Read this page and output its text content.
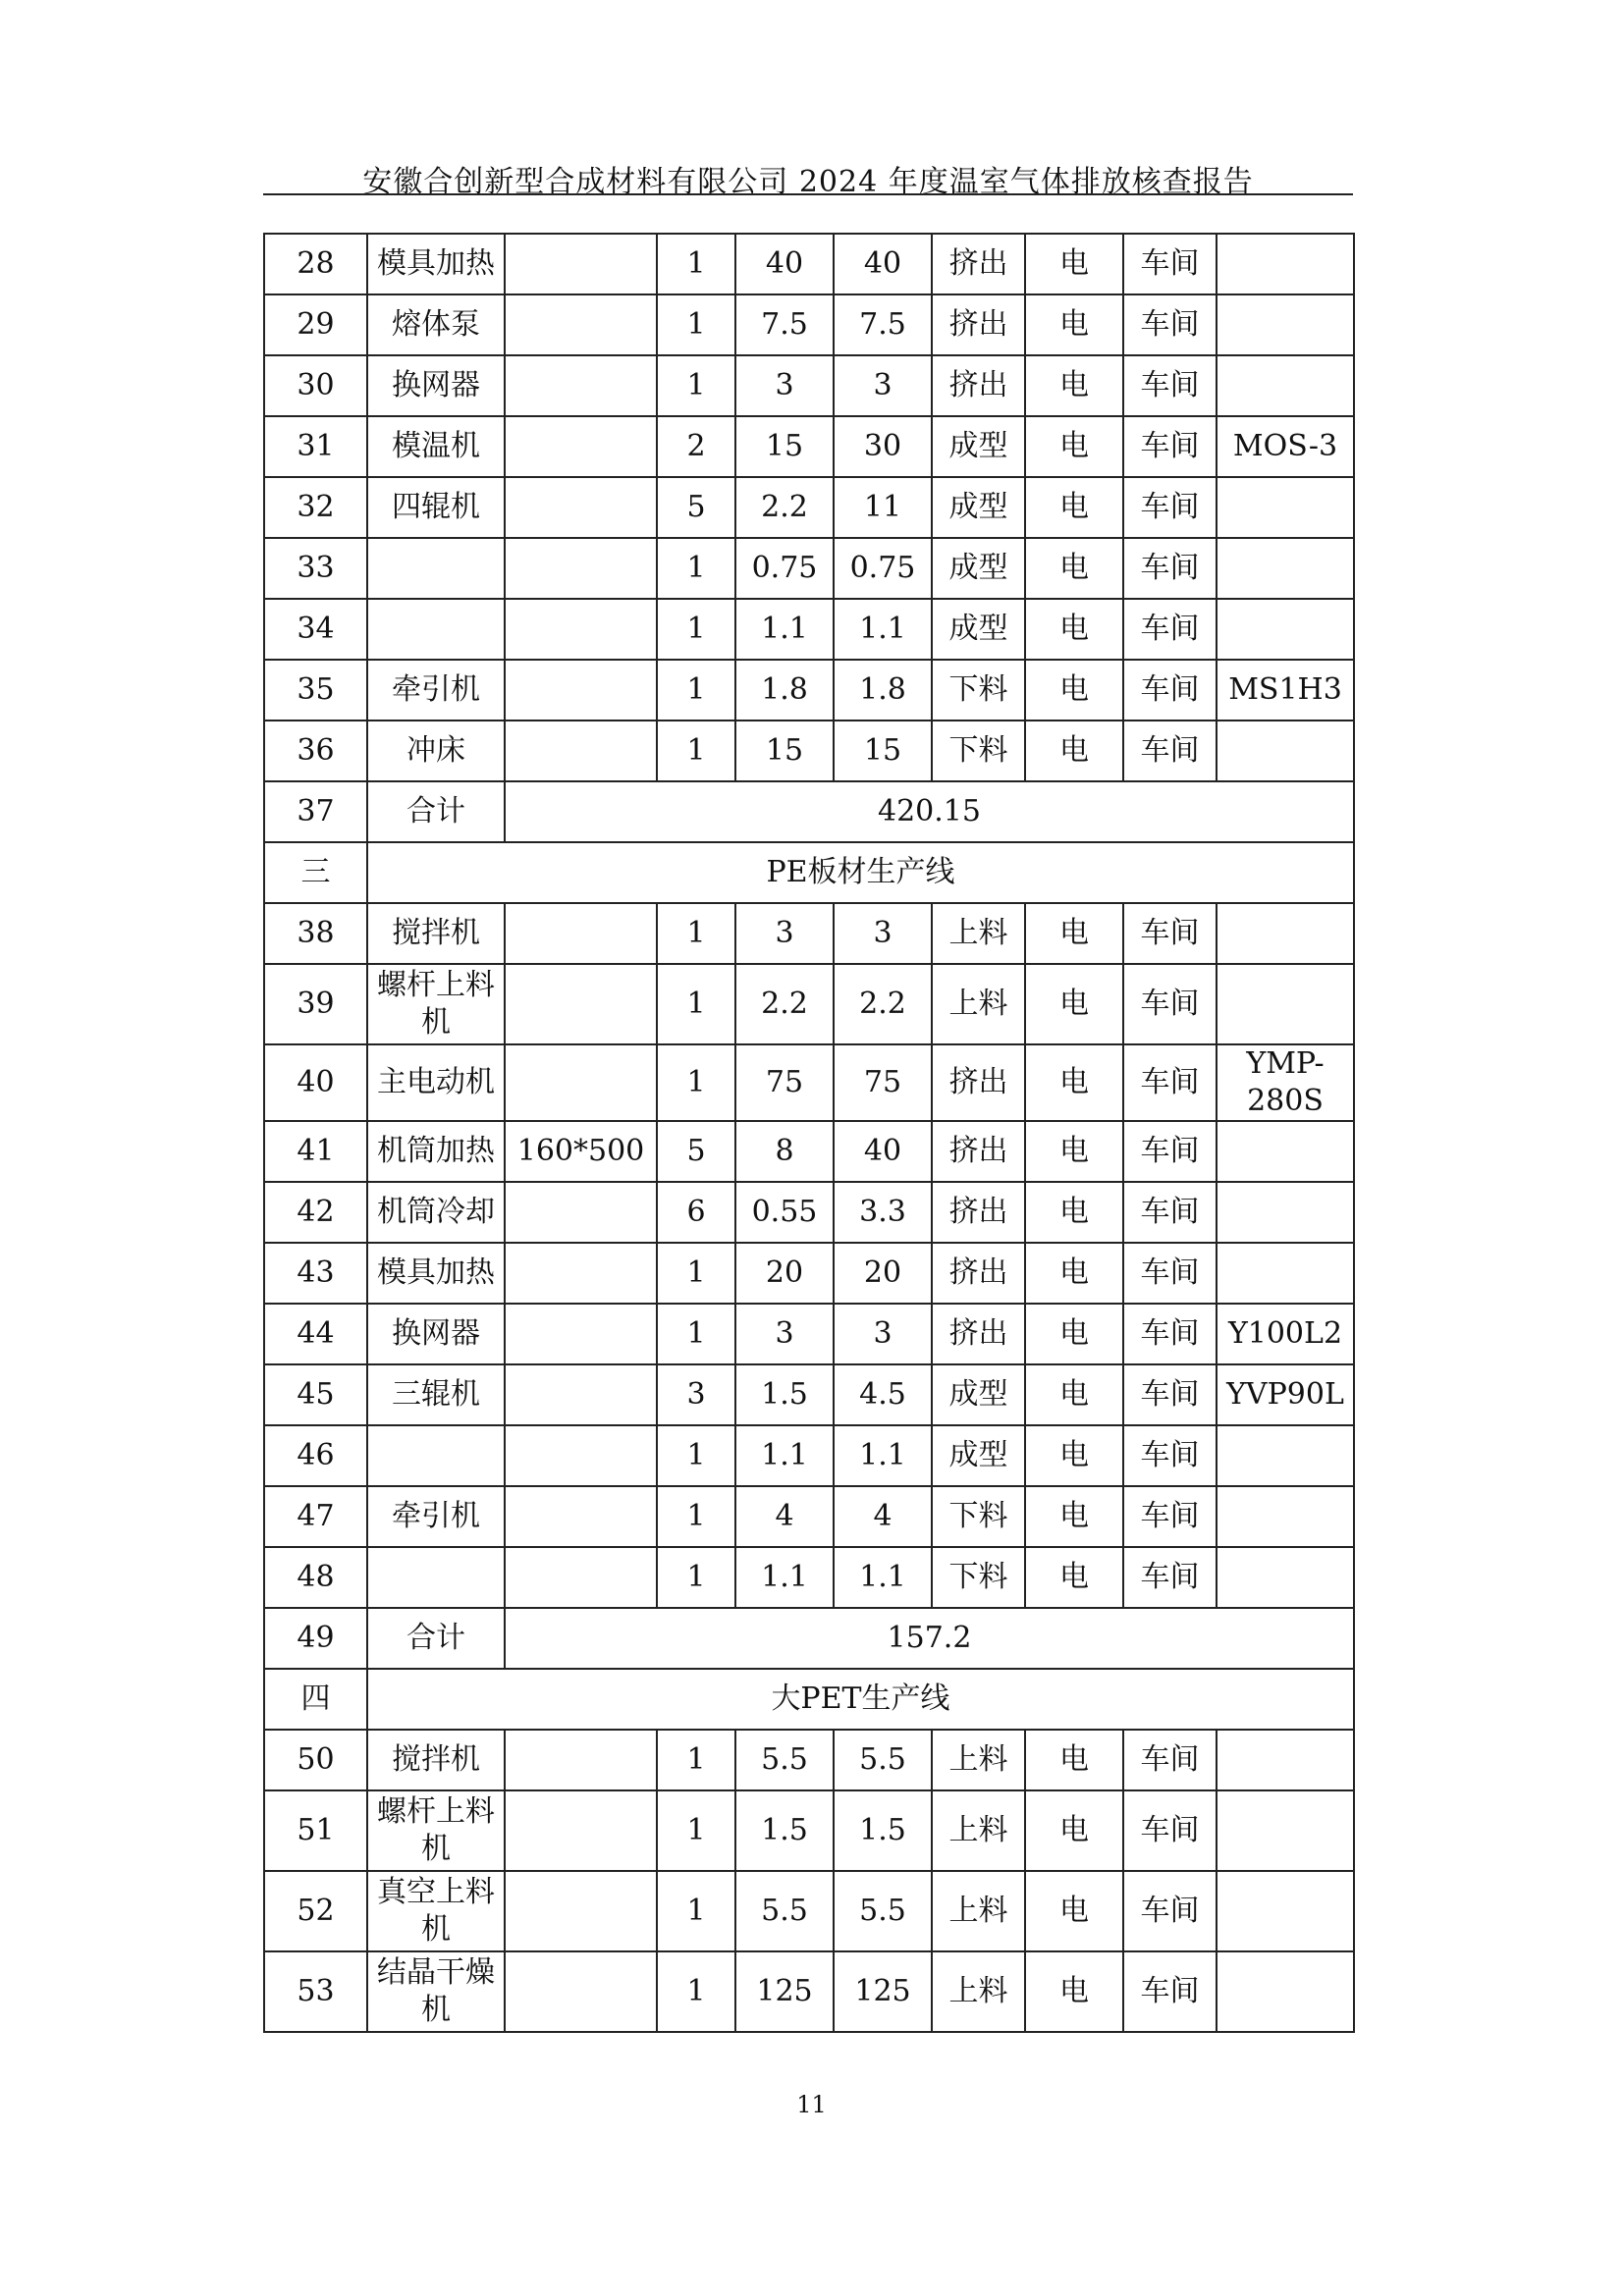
安徽合创新型合成材料有限公司 2024 年度温室气体排放核查报告
28	模具加热		1	40	40	挤出	电	车间	
29	熔体泵		1	7.5	7.5	挤出	电	车间	
30	换网器		1	3	3	挤出	电	车间	
31	模温机		2	15	30	成型	电	车间	MOS-3
32	四辊机		5	2.2	11	成型	电	车间	
33			1	0.75	0.75	成型	电	车间	
34			1	1.1	1.1	成型	电	车间	
35	牵引机		1	1.8	1.8	下料	电	车间	MS1H3
36	冲床		1	15	15	下料	电	车间	
37	合计	420.15							
三	PE板材生产线								
38	搅拌机		1	3	3	上料	电	车间	
39	螺杆上料机		1	2.2	2.2	上料	电	车间	
40	主电动机		1	75	75	挤出	电	车间	YMP-280S
41	机筒加热	160*500	5	8	40	挤出	电	车间	
42	机筒冷却		6	0.55	3.3	挤出	电	车间	
43	模具加热		1	20	20	挤出	电	车间	
44	换网器		1	3	3	挤出	电	车间	Y100L2
45	三辊机		3	1.5	4.5	成型	电	车间	YVP90L
46			1	1.1	1.1	成型	电	车间	
47	牵引机		1	4	4	下料	电	车间	
48			1	1.1	1.1	下料	电	车间	
49	合计	157.2							
四	大PET生产线								
50	搅拌机		1	5.5	5.5	上料	电	车间	
51	螺杆上料机		1	1.5	1.5	上料	电	车间	
52	真空上料机		1	5.5	5.5	上料	电	车间	
53	结晶干燥机		1	125	125	上料	电	车间	
11
